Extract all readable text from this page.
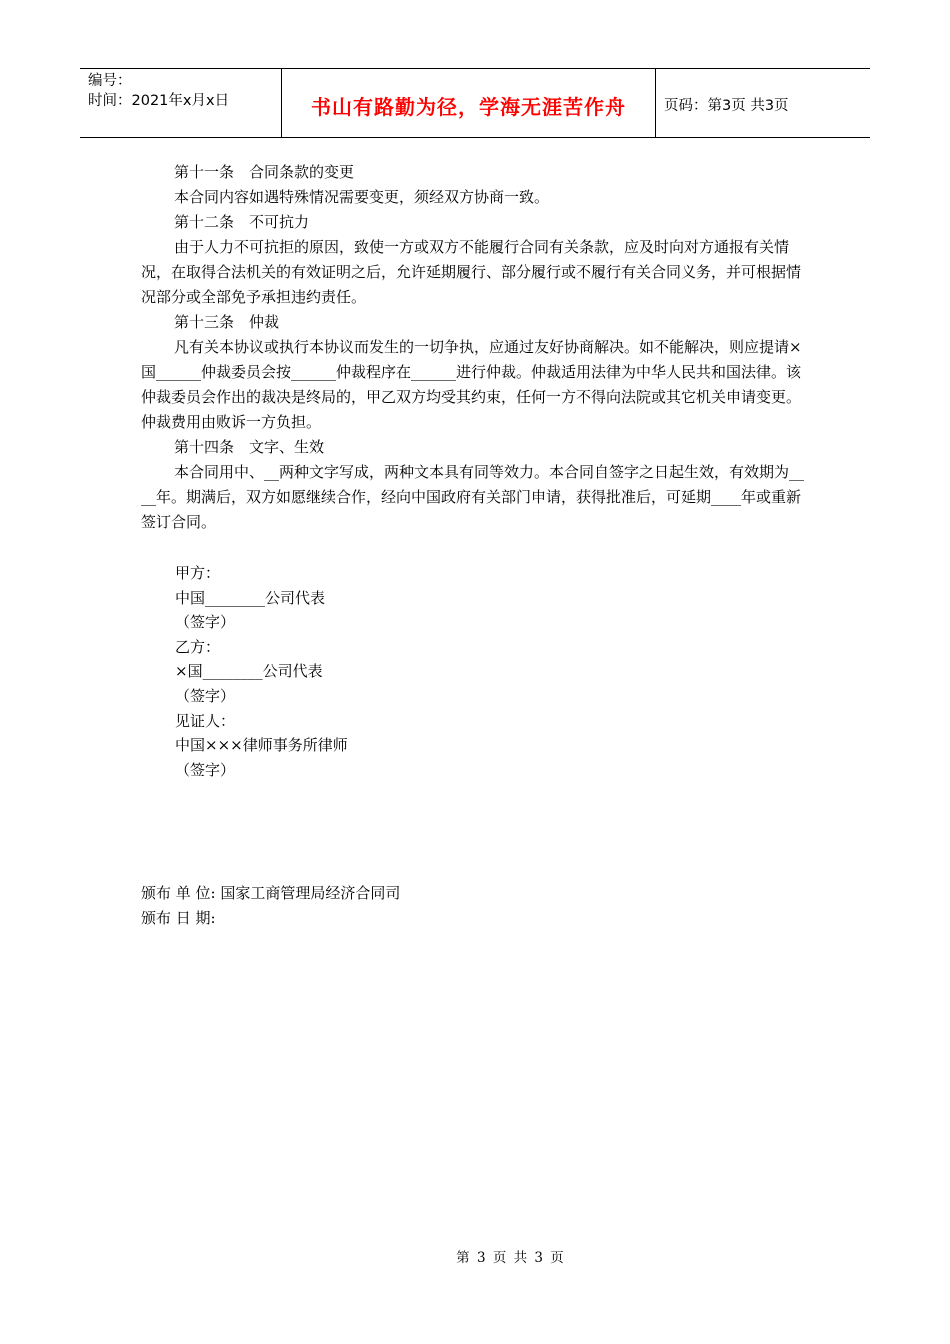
编号：
时间：2021年x月x日	书山有路勤为径，学海无涯苦作舟	页码：第3页 共3页

第十一条　合同条款的变更

本合同内容如遇特殊情况需要变更，须经双方协商一致。

第十二条　不可抗力

由于人力不可抗拒的原因，致使一方或双方不能履行合同有关条款，应及时向对方通报有关情况，在取得合法机关的有效证明之后，允许延期履行、部分履行或不履行有关合同义务，并可根据情况部分或全部免予承担违约责任。

第十三条　仲裁

凡有关本协议或执行本协议而发生的一切争执，应通过友好协商解决。如不能解决，则应提请×国______仲裁委员会按______仲裁程序在______进行仲裁。仲裁适用法律为中华人民共和国法律。该仲裁委员会作出的裁决是终局的，甲乙双方均受其约束，任何一方不得向法院或其它机关申请变更。仲裁费用由败诉一方负担。

第十四条　文字、生效

本合同用中、__两种文字写成，两种文本具有同等效力。本合同自签字之日起生效，有效期为____年。期满后，双方如愿继续合作，经向中国政府有关部门申请，获得批准后，可延期____年或重新签订合同。

甲方：

中国________公司代表

（签字）

乙方：

×国________公司代表

（签字）

见证人：

中国×××律师事务所律师

（签字）

颁布 单 位: 国家工商管理局经济合同司

颁布 日 期:

第 3 页 共 3 页
